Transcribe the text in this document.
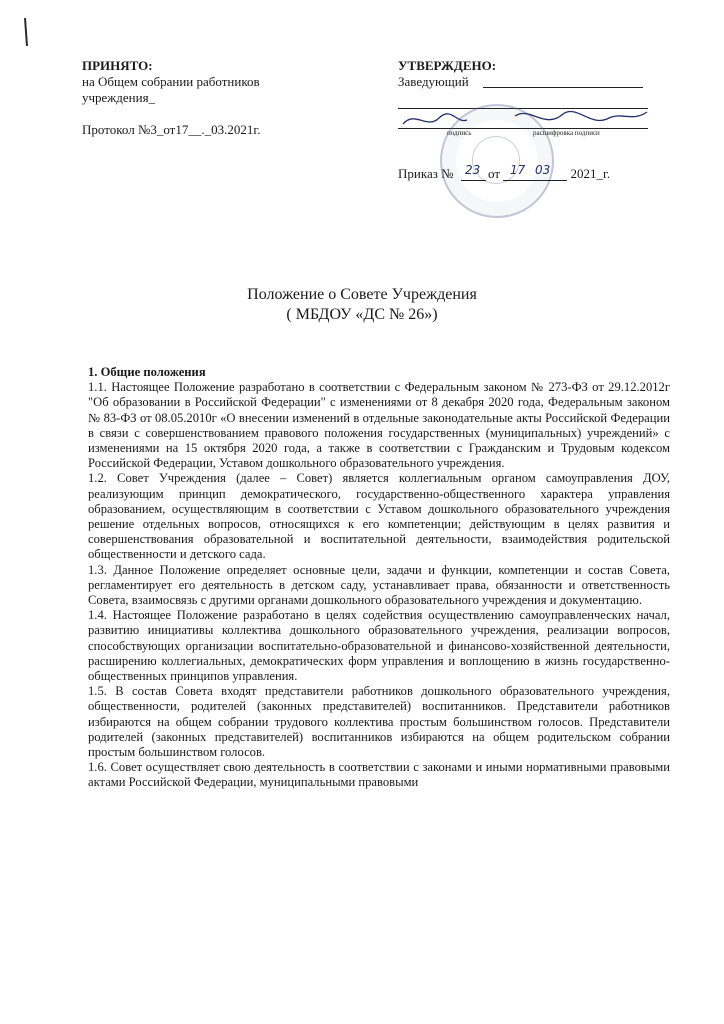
ПРИНЯТО:
на Общем собрании работников
учреждения_
Протокол №3_от17__._03.2021г.
УТВЕРЖДЕНО:
Заведующий
подпись	расшифровка подписи
Приказ №	от	2021_г.
23 17 03
Положение о Совете Учреждения
( МБДОУ «ДС № 26»)

1. Общие положения

1.1. Настоящее Положение разработано в соответствии с Федеральным законом № 273-ФЗ от 29.12.2012г "Об образовании в Российской Федерации" с изменениями от 8 декабря 2020 года, Федеральным законом № 83-ФЗ от 08.05.2010г «О внесении изменений в отдельные законодательные акты Российской Федерации в связи с совершенствованием правового положения государственных (муниципальных) учреждений» с изменениями на 15 октября 2020 года, а также в соответствии с Гражданским и Трудовым кодексом Российской Федерации, Уставом дошкольного образовательного учреждения.

1.2. Совет Учреждения (далее – Совет) является коллегиальным органом самоуправления ДОУ, реализующим принцип демократического, государственно-общественного характера управления образованием, осуществляющим в соответствии с Уставом дошкольного образовательного учреждения решение отдельных вопросов, относящихся к его компетенции; действующим в целях развития и совершенствования образовательной и воспитательной деятельности, взаимодействия родительской общественности и детского сада.

1.3. Данное Положение определяет основные цели, задачи и функции, компетенции и состав Совета, регламентирует его деятельность в детском саду, устанавливает права, обязанности и ответственность Совета, взаимосвязь с другими органами дошкольного образовательного учреждения и документацию.

1.4. Настоящее Положение разработано в целях содействия осуществлению самоуправленческих начал, развитию инициативы коллектива дошкольного образовательного учреждения, реализации вопросов, способствующих организации воспитательно-образовательной и финансово-хозяйственной деятельности, расширению коллегиальных, демократических форм управления и воплощению в жизнь государственно-общественных принципов управления.

1.5. В состав Совета входят представители работников дошкольного образовательного учреждения, общественности, родителей (законных представителей) воспитанников. Представители работников избираются на общем собрании трудового коллектива простым большинством голосов. Представители родителей (законных представителей) воспитанников избираются на общем родительском собрании простым большинством голосов.

1.6. Совет осуществляет свою деятельность в соответствии с законами и иными нормативными правовыми актами Российской Федерации, муниципальными правовыми
